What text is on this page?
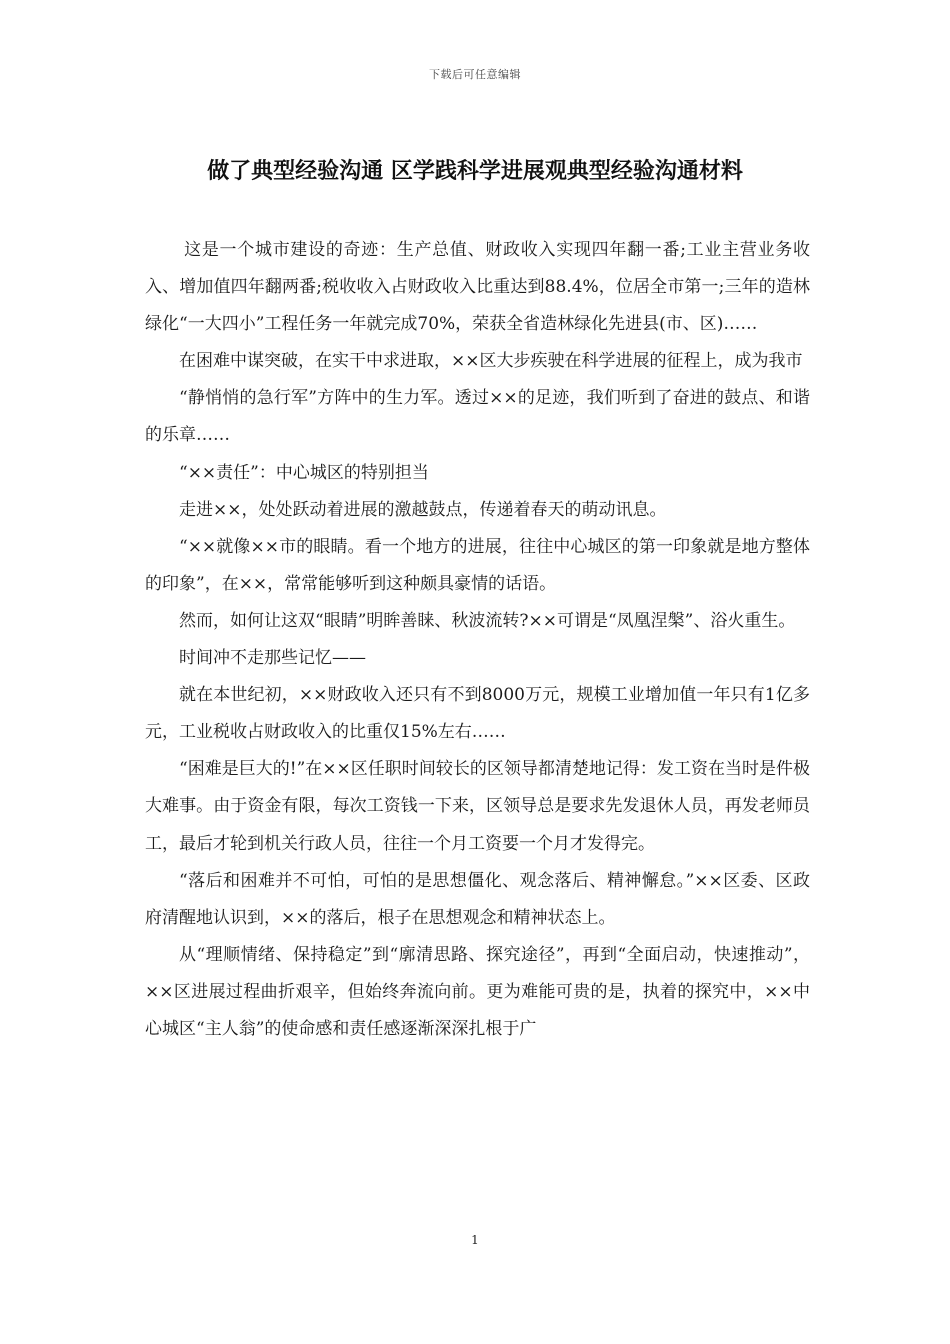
下载后可任意编辑
做了典型经验沟通 区学践科学进展观典型经验沟通材料

这是一个城市建设的奇迹：生产总值、财政收入实现四年翻一番;工业主营业务收入、增加值四年翻两番;税收收入占财政收入比重达到88.4%，位居全市第一;三年的造林绿化“一大四小”工程任务一年就完成70%，荣获全省造林绿化先进县(市、区)……

在困难中谋突破，在实干中求进取，××区大步疾驶在科学进展的征程上，成为我市

“静悄悄的急行军”方阵中的生力军。透过××的足迹，我们听到了奋进的鼓点、和谐的乐章……

“××责任”：中心城区的特别担当

走进××，处处跃动着进展的激越鼓点，传递着春天的萌动讯息。

“××就像××市的眼睛。看一个地方的进展，往往中心城区的第一印象就是地方整体的印象”，在××，常常能够听到这种颇具豪情的话语。

然而，如何让这双“眼睛”明眸善睐、秋波流转?××可谓是“凤凰涅槃”、浴火重生。

时间冲不走那些记忆——

就在本世纪初，××财政收入还只有不到8000万元，规模工业增加值一年只有1亿多元，工业税收占财政收入的比重仅15%左右……

“困难是巨大的!”在××区任职时间较长的区领导都清楚地记得：发工资在当时是件极大难事。由于资金有限，每次工资钱一下来，区领导总是要求先发退休人员，再发老师员工，最后才轮到机关行政人员，往往一个月工资要一个月才发得完。

“落后和困难并不可怕，可怕的是思想僵化、观念落后、精神懈怠。”××区委、区政府清醒地认识到，××的落后，根子在思想观念和精神状态上。

从“理顺情绪、保持稳定”到“廓清思路、探究途径”，再到“全面启动，快速推动”，××区进展过程曲折艰辛，但始终奔流向前。更为难能可贵的是，执着的探究中，××中心城区“主人翁”的使命感和责任感逐渐深深扎根于广

1
